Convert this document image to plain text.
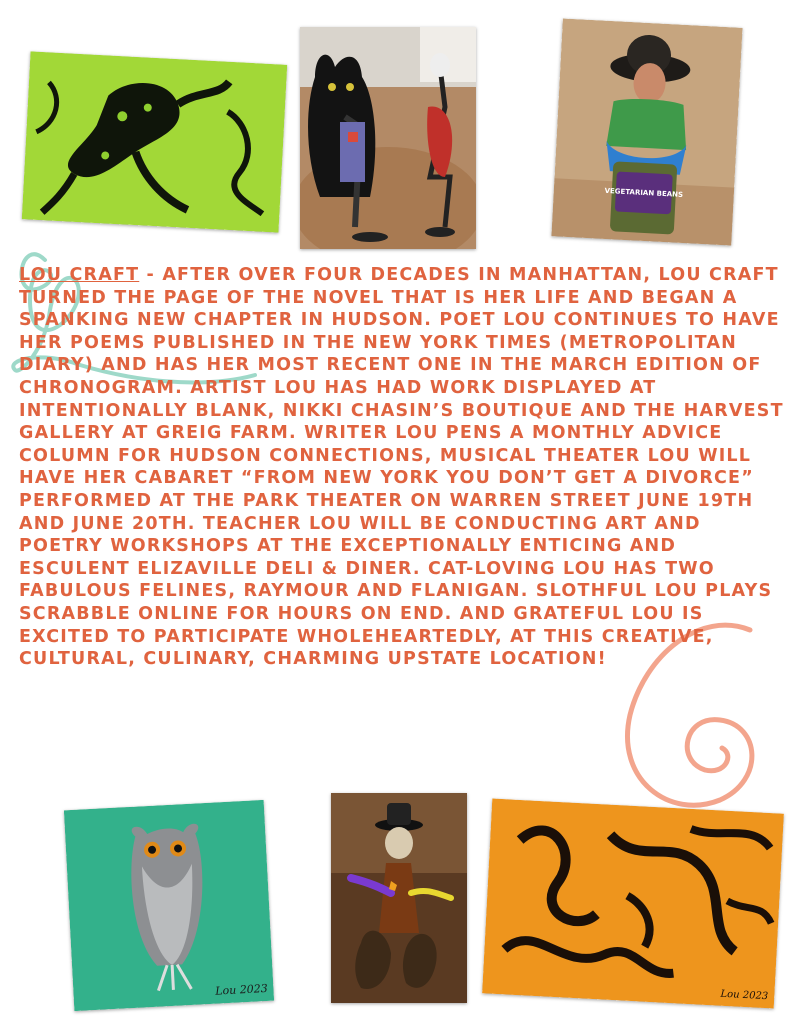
VEGETARIAN BEANS

LOU CRAFT - AFTER OVER FOUR DECADES IN MANHATTAN, LOU CRAFT TURNED THE PAGE OF THE NOVEL THAT IS HER LIFE AND BEGAN A SPANKING NEW CHAPTER IN HUDSON. POET LOU CONTINUES TO HAVE HER POEMS PUBLISHED IN THE NEW YORK TIMES (METROPOLITAN DIARY) AND HAS HER MOST RECENT ONE IN THE MARCH EDITION OF CHRONOGRAM. ARTIST LOU HAS HAD WORK DISPLAYED AT INTENTIONALLY BLANK, NIKKI CHASIN’S BOUTIQUE AND THE HARVEST GALLERY AT GREIG FARM. WRITER LOU PENS A MONTHLY ADVICE COLUMN FOR HUDSON CONNECTIONS, MUSICAL THEATER LOU WILL HAVE HER CABARET “FROM NEW YORK YOU DON’T GET A DIVORCE” PERFORMED AT THE PARK THEATER ON WARREN STREET JUNE 19TH AND JUNE 20TH. TEACHER LOU WILL BE CONDUCTING ART AND POETRY WORKSHOPS AT THE EXCEPTIONALLY ENTICING AND ESCULENT ELIZAVILLE DELI & DINER. CAT-LOVING LOU HAS TWO FABULOUS FELINES, RAYMOUR AND FLANIGAN. SLOTHFUL LOU PLAYS SCRABBLE ONLINE FOR HOURS ON END. AND GRATEFUL LOU IS EXCITED TO PARTICIPATE WHOLEHEARTEDLY, AT THIS CREATIVE, CULTURAL, CULINARY, CHARMING UPSTATE LOCATION!

Lou 2023	Lou 2023
